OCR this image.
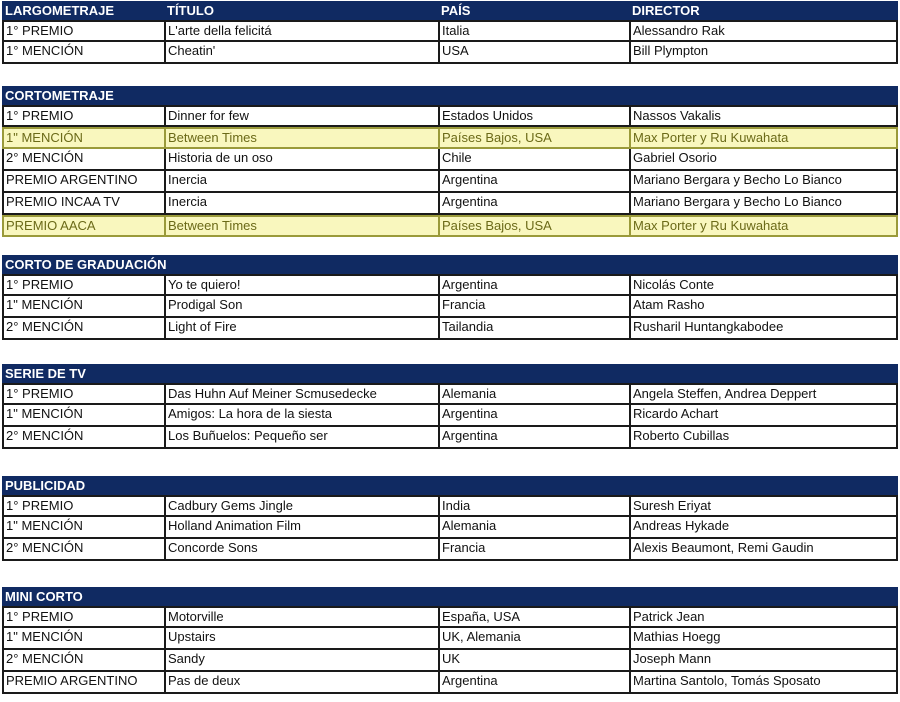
LARGOMETRAJE	TÍTULO	PAÍS	DIRECTOR
1° PREMIO	L'arte della felicitá	Italia	Alessandro Rak
1° MENCIÓN	Cheatin'	USA	Bill Plympton
CORTOMETRAJE
1° PREMIO	Dinner for few	Estados Unidos	Nassos Vakalis
1" MENCIÓN	Between Times	Países Bajos, USA	Max Porter y Ru Kuwahata
2° MENCIÓN	Historia de un oso	Chile	Gabriel Osorio
PREMIO ARGENTINO	Inercia	Argentina	Mariano Bergara y Becho Lo Bianco
PREMIO INCAA TV	Inercia	Argentina	Mariano Bergara y Becho Lo Bianco
PREMIO AACA	Between Times	Países Bajos, USA	Max Porter y Ru Kuwahata
CORTO DE GRADUACIÓN
1° PREMIO	Yo te quiero!	Argentina	Nicolás Conte
1" MENCIÓN	Prodigal Son	Francia	Atam Rasho
2° MENCIÓN	Light of Fire	Tailandia	Rusharil Huntangkabodee
SERIE DE TV
1° PREMIO	Das Huhn Auf Meiner Scmusedecke	Alemania	Angela Steffen, Andrea Deppert
1" MENCIÓN	Amigos: La hora de la siesta	Argentina	Ricardo Achart
2° MENCIÓN	Los Buñuelos: Pequeño ser	Argentina	Roberto Cubillas
PUBLICIDAD
1° PREMIO	Cadbury Gems Jingle	India	Suresh Eriyat
1" MENCIÓN	Holland Animation Film	Alemania	Andreas Hykade
2° MENCIÓN	Concorde Sons	Francia	Alexis Beaumont, Remi Gaudin
MINI CORTO
1° PREMIO	Motorville	España, USA	Patrick Jean
1" MENCIÓN	Upstairs	UK, Alemania	Mathias Hoegg
2° MENCIÓN	Sandy	UK	Joseph Mann
PREMIO ARGENTINO	Pas de deux	Argentina	Martina Santolo, Tomás Sposato
